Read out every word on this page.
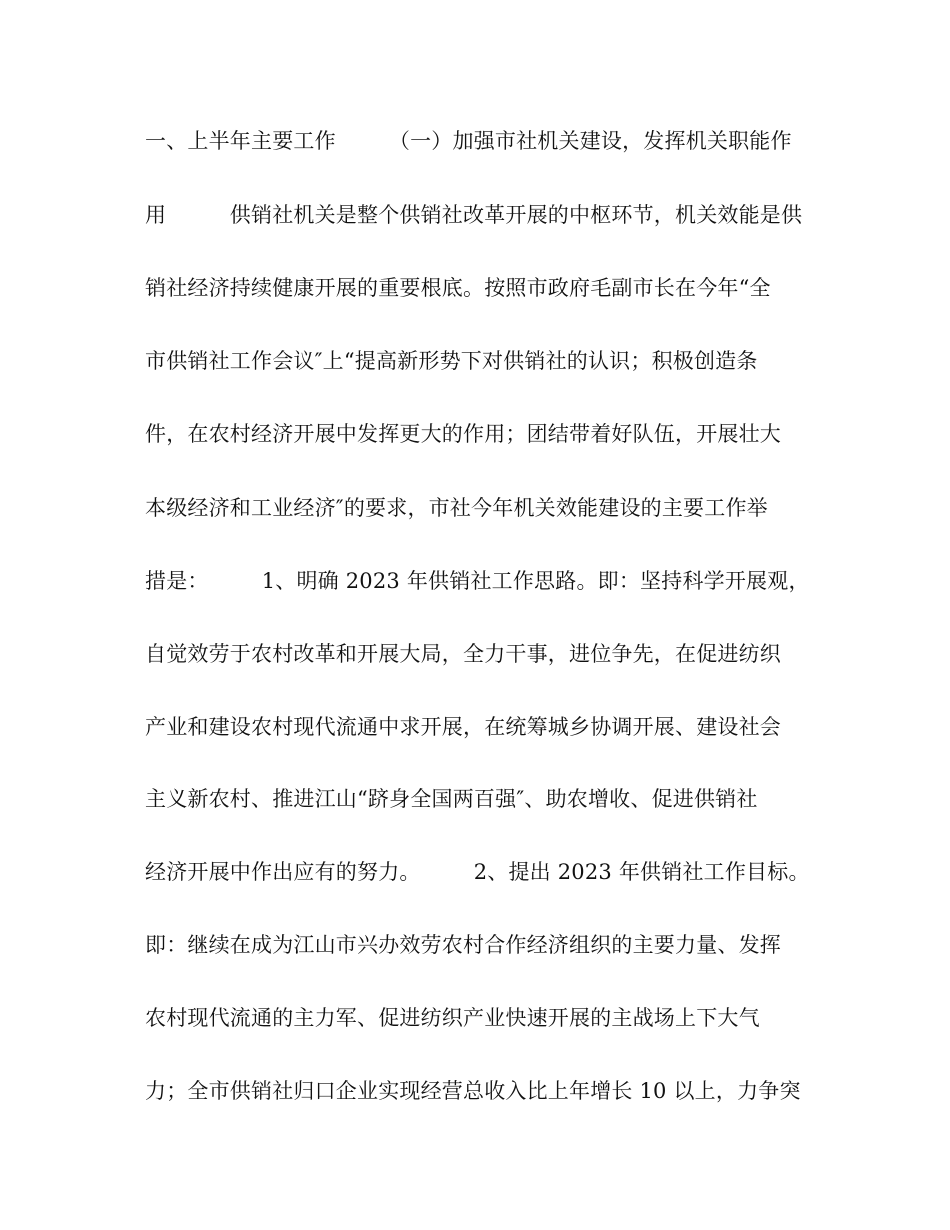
一、上半年主要工作　　　（一）加强市社机关建设，发挥机关职能作
用　　　供销社机关是整个供销社改革开展的中枢环节，机关效能是供
销社经济持续健康开展的重要根底。按照市政府毛副市长在今年“全
市供销社工作会议″上“提高新形势下对供销社的认识；积极创造条
件，在农村经济开展中发挥更大的作用；团结带着好队伍，开展壮大
本级经济和工业经济″的要求，市社今年机关效能建设的主要工作举
措是：　　　1、明确 2023 年供销社工作思路。即：坚持科学开展观，
自觉效劳于农村改革和开展大局，全力干事，进位争先，在促进纺织
产业和建设农村现代流通中求开展，在统筹城乡协调开展、建设社会
主义新农村、推进江山“跻身全国两百强″、助农增收、促进供销社
经济开展中作出应有的努力。　　　2、提出 2023 年供销社工作目标。
即：继续在成为江山市兴办效劳农村合作经济组织的主要力量、发挥
农村现代流通的主力军、促进纺织产业快速开展的主战场上下大气
力；全市供销社归口企业实现经营总收入比上年增长 10 以上，力争突
